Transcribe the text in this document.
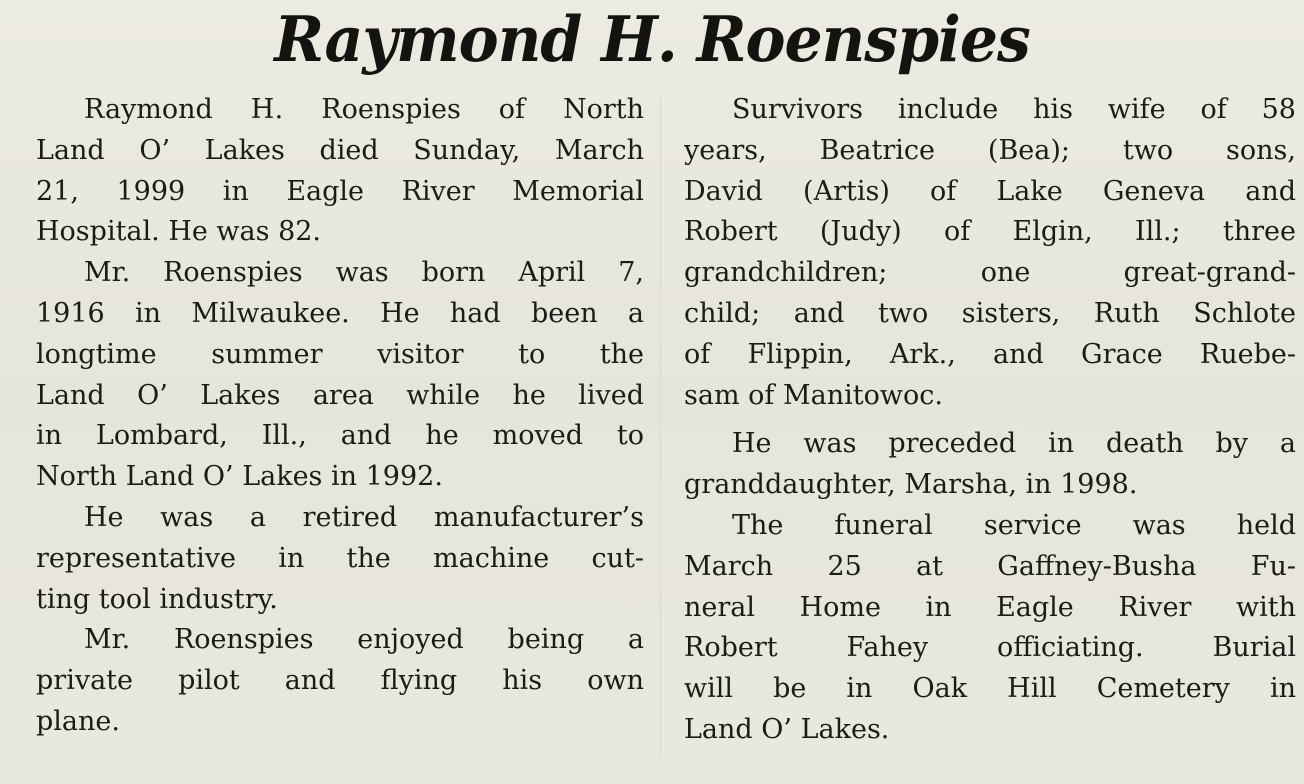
Raymond H. Roenspies
Raymond H․ Roenspies of North
Land O’ Lakes died Sunday, March
21, 1999 in Eagle River Memorial
Hospital. He was 82.
Mr. Roenspies was born April 7,
1916 in Milwaukee. He had been a
longtime summer visitor to the
Land O’ Lakes area while he lived
in Lombard, Ill., and he moved to
North Land O’ Lakes in 1992.
He was a retired manufacturer’s
representative in the machine cut-
ting tool industry.
Mr. Roenspies enjoyed being a
private pilot and flying his own
plane.
Survivors include his wife of 58
years, Beatrice (Bea); two sons,
David (Artis) of Lake Geneva and
Robert (Judy) of Elgin, Ill.; three
grandchildren; one great-grand-
child; and two sisters, Ruth Schlote
of Flippin, Ark., and Grace Ruebe-
sam of Manitowoc.
He was preceded in death by a
granddaughter, Marsha, in 1998.
The funeral service was held
March 25 at Gaffney-Busha Fu-
neral Home in Eagle River with
Robert Fahey officiating. Burial
will be in Oak Hill Cemetery in
Land O’ Lakes.
